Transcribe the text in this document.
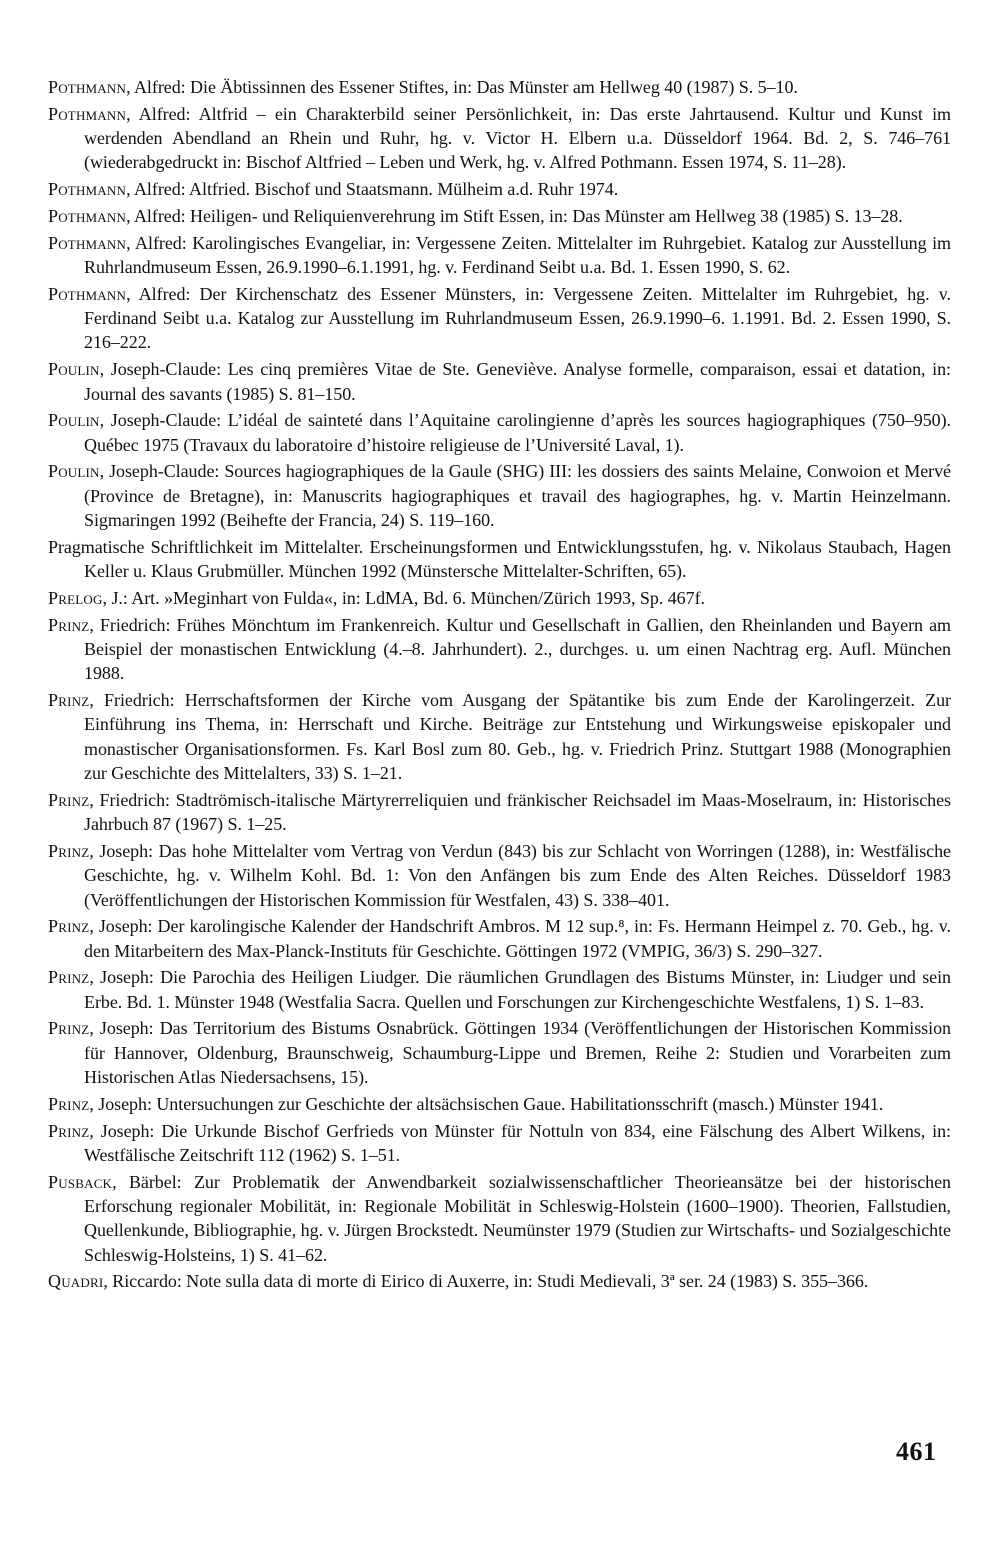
Pothmann, Alfred: Die Äbtissinnen des Essener Stiftes, in: Das Münster am Hellweg 40 (1987) S. 5–10.

Pothmann, Alfred: Altfrid – ein Charakterbild seiner Persönlichkeit, in: Das erste Jahrtausend. Kultur und Kunst im werdenden Abendland an Rhein und Ruhr, hg. v. Victor H. Elbern u.a. Düsseldorf 1964. Bd. 2, S. 746–761 (wiederabgedruckt in: Bischof Altfried – Leben und Werk, hg. v. Alfred Pothmann. Essen 1974, S. 11–28).

Pothmann, Alfred: Altfried. Bischof und Staatsmann. Mülheim a.d. Ruhr 1974.

Pothmann, Alfred: Heiligen- und Reliquienverehrung im Stift Essen, in: Das Münster am Hellweg 38 (1985) S. 13–28.

Pothmann, Alfred: Karolingisches Evangeliar, in: Vergessene Zeiten. Mittelalter im Ruhrgebiet. Katalog zur Ausstellung im Ruhrlandmuseum Essen, 26.9.1990–6.1.1991, hg. v. Ferdinand Seibt u.a. Bd. 1. Essen 1990, S. 62.

Pothmann, Alfred: Der Kirchenschatz des Essener Münsters, in: Vergessene Zeiten. Mittelalter im Ruhrgebiet, hg. v. Ferdinand Seibt u.a. Katalog zur Ausstellung im Ruhrlandmuseum Essen, 26.9.1990–6. 1.1991. Bd. 2. Essen 1990, S. 216–222.

Poulin, Joseph-Claude: Les cinq premières Vitae de Ste. Geneviève. Analyse formelle, comparaison, essai et datation, in: Journal des savants (1985) S. 81–150.

Poulin, Joseph-Claude: L’idéal de sainteté dans l’Aquitaine carolingienne d’après les sources hagiographiques (750–950). Québec 1975 (Travaux du laboratoire d’histoire religieuse de l’Université Laval, 1).

Poulin, Joseph-Claude: Sources hagiographiques de la Gaule (SHG) III: les dossiers des saints Melaine, Conwoion et Mervé (Province de Bretagne), in: Manuscrits hagiographiques et travail des hagiographes, hg. v. Martin Heinzelmann. Sigmaringen 1992 (Beihefte der Francia, 24) S. 119–160.

Pragmatische Schriftlichkeit im Mittelalter. Erscheinungsformen und Entwicklungsstufen, hg. v. Nikolaus Staubach, Hagen Keller u. Klaus Grubmüller. München 1992 (Münstersche Mittelalter-Schriften, 65).

Prelog, J.: Art. »Meginhart von Fulda«, in: LdMA, Bd. 6. München/Zürich 1993, Sp. 467f.

Prinz, Friedrich: Frühes Mönchtum im Frankenreich. Kultur und Gesellschaft in Gallien, den Rheinlanden und Bayern am Beispiel der monastischen Entwicklung (4.–8. Jahrhundert). 2., durchges. u. um einen Nachtrag erg. Aufl. München 1988.

Prinz, Friedrich: Herrschaftsformen der Kirche vom Ausgang der Spätantike bis zum Ende der Karolingerzeit. Zur Einführung ins Thema, in: Herrschaft und Kirche. Beiträge zur Entstehung und Wirkungsweise episkopaler und monastischer Organisationsformen. Fs. Karl Bosl zum 80. Geb., hg. v. Friedrich Prinz. Stuttgart 1988 (Monographien zur Geschichte des Mittelalters, 33) S. 1–21.

Prinz, Friedrich: Stadtrömisch-italische Märtyrerreliquien und fränkischer Reichsadel im Maas-Moselraum, in: Historisches Jahrbuch 87 (1967) S. 1–25.

Prinz, Joseph: Das hohe Mittelalter vom Vertrag von Verdun (843) bis zur Schlacht von Worringen (1288), in: Westfälische Geschichte, hg. v. Wilhelm Kohl. Bd. 1: Von den Anfängen bis zum Ende des Alten Reiches. Düsseldorf 1983 (Veröffentlichungen der Historischen Kommission für Westfalen, 43) S. 338–401.

Prinz, Joseph: Der karolingische Kalender der Handschrift Ambros. M 12 sup.⁸, in: Fs. Hermann Heimpel z. 70. Geb., hg. v. den Mitarbeitern des Max-Planck-Instituts für Geschichte. Göttingen 1972 (VMPIG, 36/3) S. 290–327.

Prinz, Joseph: Die Parochia des Heiligen Liudger. Die räumlichen Grundlagen des Bistums Münster, in: Liudger und sein Erbe. Bd. 1. Münster 1948 (Westfalia Sacra. Quellen und Forschungen zur Kirchengeschichte Westfalens, 1) S. 1–83.

Prinz, Joseph: Das Territorium des Bistums Osnabrück. Göttingen 1934 (Veröffentlichungen der Historischen Kommission für Hannover, Oldenburg, Braunschweig, Schaumburg-Lippe und Bremen, Reihe 2: Studien und Vorarbeiten zum Historischen Atlas Niedersachsens, 15).

Prinz, Joseph: Untersuchungen zur Geschichte der altsächsischen Gaue. Habilitationsschrift (masch.) Münster 1941.

Prinz, Joseph: Die Urkunde Bischof Gerfrieds von Münster für Nottuln von 834, eine Fälschung des Albert Wilkens, in: Westfälische Zeitschrift 112 (1962) S. 1–51.

Pusback, Bärbel: Zur Problematik der Anwendbarkeit sozialwissenschaftlicher Theorieansätze bei der historischen Erforschung regionaler Mobilität, in: Regionale Mobilität in Schleswig-Holstein (1600–1900). Theorien, Fallstudien, Quellenkunde, Bibliographie, hg. v. Jürgen Brockstedt. Neumünster 1979 (Studien zur Wirtschafts- und Sozialgeschichte Schleswig-Holsteins, 1) S. 41–62.

Quadri, Riccardo: Note sulla data di morte di Eirico di Auxerre, in: Studi Medievali, 3ª ser. 24 (1983) S. 355–366.

461
